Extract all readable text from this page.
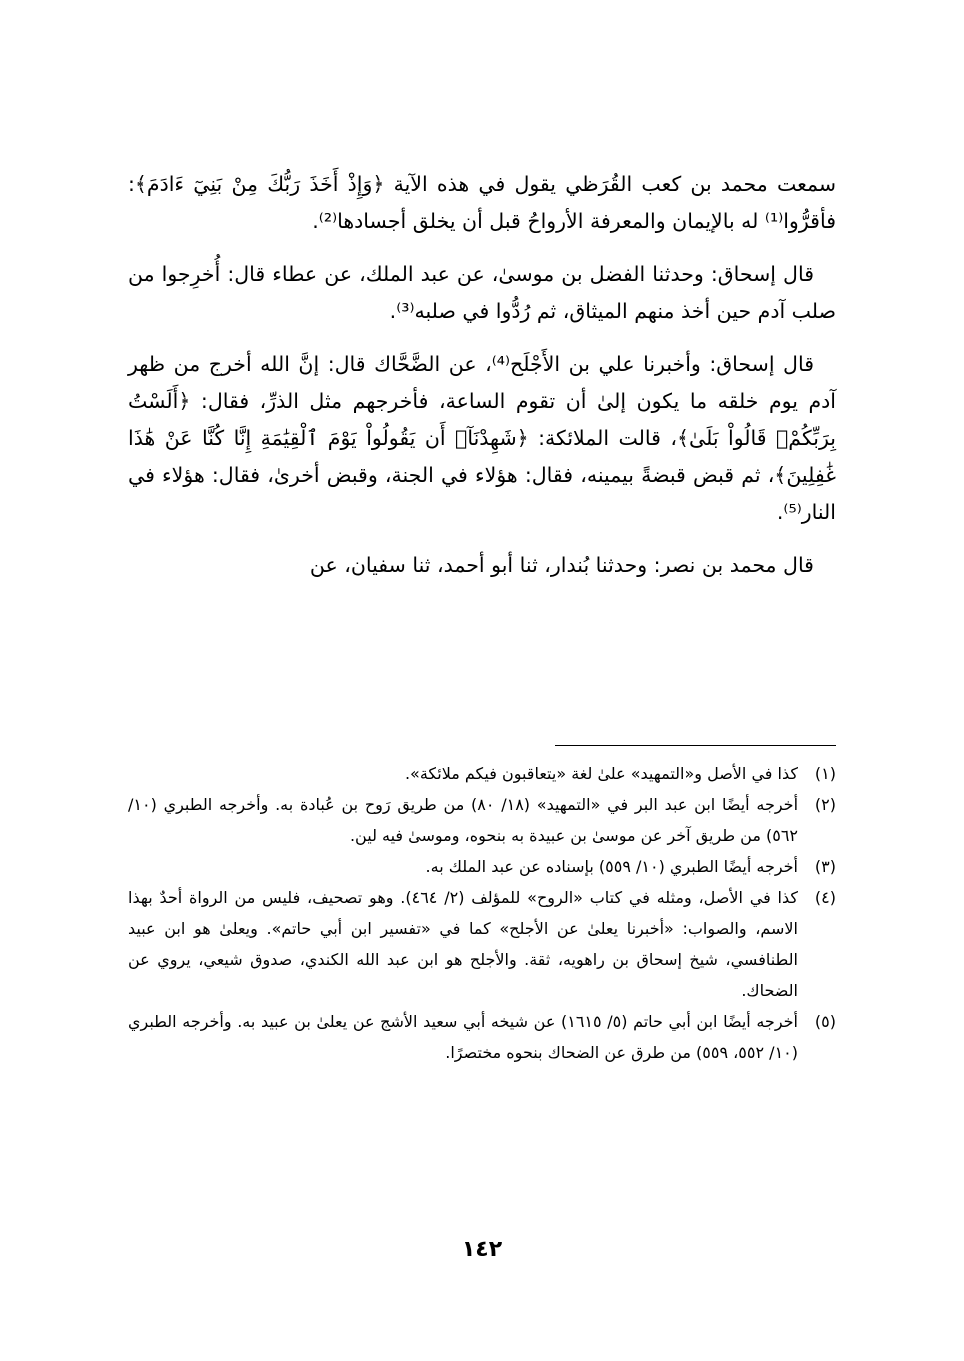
سمعت محمد بن كعب القُرَظي يقول في هذه الآية ﴿وَإِذْ أَخَذَ رَبُّكَ مِنْ بَنِيٓ ءَادَمَ﴾: فأقرُّوا⁽¹⁾ له بالإيمان والمعرفة الأرواحُ قبل أن يخلق أجسادها⁽²⁾.

قال إسحاق: وحدثنا الفضل بن موسىٰ، عن عبد الملك، عن عطاء قال: أُخرِجوا من صلب آدم حين أخذ منهم الميثاق، ثم رُدُّوا في صلبه⁽³⁾.

قال إسحاق: وأخبرنا علي بن الأَجْلَح⁽⁴⁾، عن الضَّحَّاك قال: إنَّ الله أخرج من ظهر آدم يوم خلقه ما يكون إلىٰ أن تقوم الساعة، فأخرجهم مثل الذرِّ، فقال: ﴿أَلَسْتُ بِرَبِّكُمْۖ قَالُواْ بَلَىٰ﴾، قالت الملائكة: ﴿شَهِدْنَآۚ أَن يَقُولُواْ يَوْمَ ٱلْقِيَٰمَةِ إِنَّا كُنَّا عَنْ هَٰذَا غَٰفِلِينَ﴾، ثم قبض قبضةً بيمينه، فقال: هؤلاء في الجنة، وقبض أخرىٰ، فقال: هؤلاء في النار⁽⁵⁾.

قال محمد بن نصر: وحدثنا بُندار، ثنا أبو أحمد، ثنا سفيان، عن

(١)
كذا في الأصل و«التمهيد» علىٰ لغة «يتعاقبون فيكم ملائكة».
(٢)
أخرجه أيضًا ابن عبد البر في «التمهيد» (١٨/ ٨٠) من طريق رَوح بن عُبادة به. وأخرجه الطبري (١٠/ ٥٦٢) من طريق آخر عن موسىٰ بن عبيدة به بنحوه، وموسىٰ فيه لين.
(٣)
أخرجه أيضًا الطبري (١٠/ ٥٥٩) بإسناده عن عبد الملك به.
(٤)
كذا في الأصل، ومثله في كتاب «الروح» للمؤلف (٢/ ٤٦٤). وهو تصحيف، فليس من الرواة أحدٌ بهذا الاسم، والصواب: «أخبرنا يعلىٰ عن الأجلح» كما في «تفسير ابن أبي حاتم». ويعلىٰ هو ابن عبيد الطنافسي، شيخ إسحاق بن راهويه، ثقة. والأجلح هو ابن عبد الله الكندي، صدوق شيعي، يروي عن الضحاك.
(٥)
أخرجه أيضًا ابن أبي حاتم (٥/ ١٦١٥) عن شيخه أبي سعيد الأشج عن يعلىٰ بن عبيد به. وأخرجه الطبري (١٠/ ٥٥٢، ٥٥٩) من طرق عن الضحاك بنحوه مختصرًا.
١٤٢
